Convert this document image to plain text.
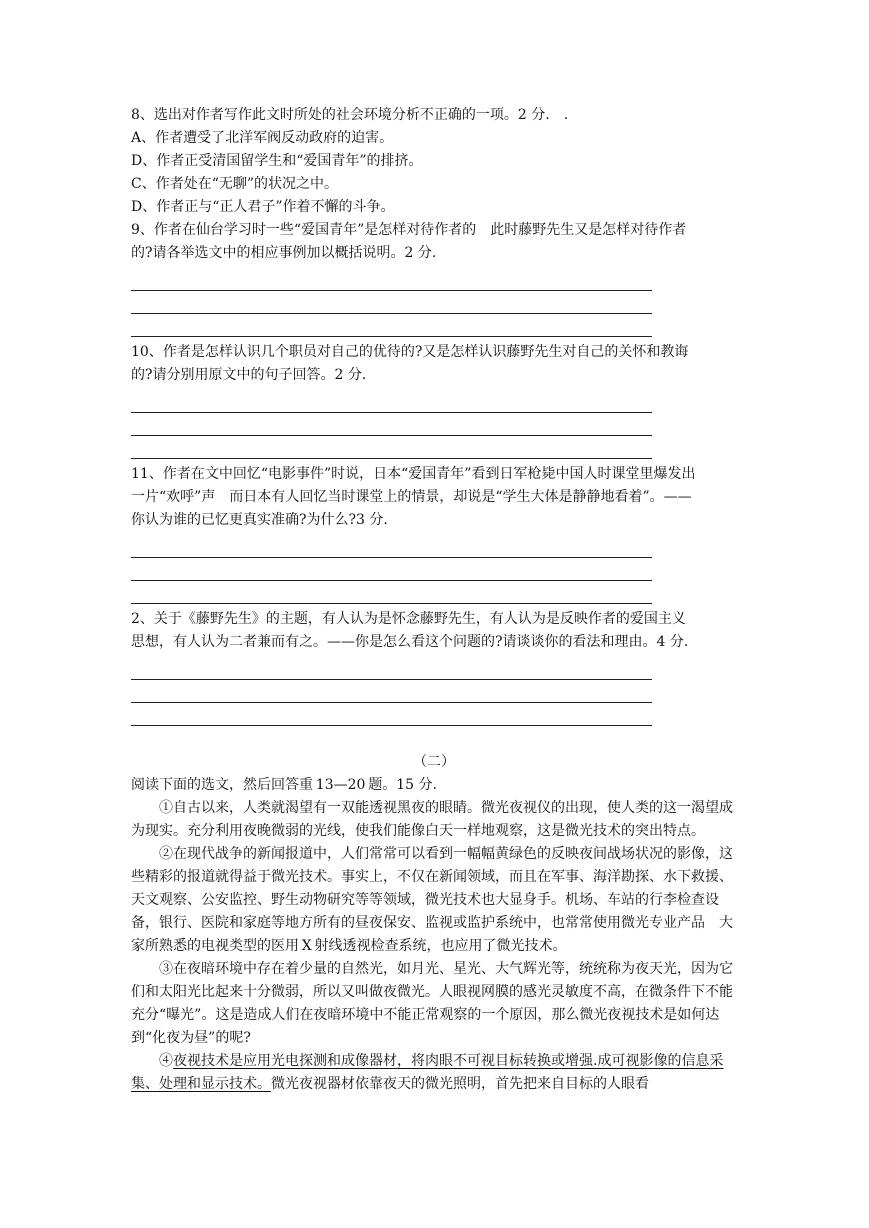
8、选出对作者写作此文时所处的社会环境分析不正确的一项。2 分.　.
A、作者遭受了北洋军阀反动政府的迫害。
D、作者正受清国留学生和“爱国青年”的排挤。
C、作者处在“无聊”的状况之中。
D、作者正与“正人君子”作着不懈的斗争。
9、作者在仙台学习时一些“爱国青年”是怎样对待作者的　此时藤野先生又是怎样对待作者
的?请各举选文中的相应事例加以概括说明。2 分.
10、作者是怎样认识几个职员对自己的优待的?又是怎样认识藤野先生对自己的关怀和教诲
的?请分别用原文中的句子回答。2 分.
11、作者在文中回忆“电影事件”时说，日本“爱国青年”看到日军枪毙中国人时课堂里爆发出
一片“欢呼”声　而日本有人回忆当时课堂上的情景，却说是“学生大体是静静地看着”。——
你认为谁的已忆更真实准确?为什么?3 分.
2、关于《藤野先生》的主题，有人认为是怀念藤野先生，有人认为是反映作者的爱国主义
思想，有人认为二者兼而有之。——你是怎么看这个问题的?请谈谈你的看法和理由。4 分.
（二）
阅读下面的选文，然后回答重 13—20 题。15 分.
①自古以来，人类就渴望有一双能透视黑夜的眼睛。微光夜视仪的出现，使人类的这一渴望成为现实。充分利用夜晚微弱的光线，使我们能像白天一样地观察，这是微光技术的突出特点。
②在现代战争的新闻报道中，人们常常可以看到一幅幅黄绿色的反映夜间战场状况的影像，这些精彩的报道就得益于微光技术。事实上，不仅在新闻领域，而且在军事、海洋勘探、水下救援、天文观察、公安监控、野生动物研究等等领域，微光技术也大显身手。机场、车站的行李检查设备，银行、医院和家庭等地方所有的昼夜保安、监视或监护系统中，也常常使用微光专业产品　大家所熟悉的电视类型的医用 X 射线透视检查系统，也应用了微光技术。
③在夜暗环境中存在着少量的自然光，如月光、星光、大气辉光等，统统称为夜天光，因为它们和太阳光比起来十分微弱，所以又叫做夜微光。人眼视网膜的感光灵敏度不高，在微条件下不能充分“曝光”。这是造成人们在夜暗环境中不能正常观察的一个原因，那么微光夜视技术是如何达到“化夜为昼”的呢?
④夜视技术是应用光电探测和成像器材，将肉眼不可视目标转换或增强.成可视影像的信息采集、处理和显示技术。微光夜视器材依靠夜天的微光照明，首先把来自目标的人眼看
